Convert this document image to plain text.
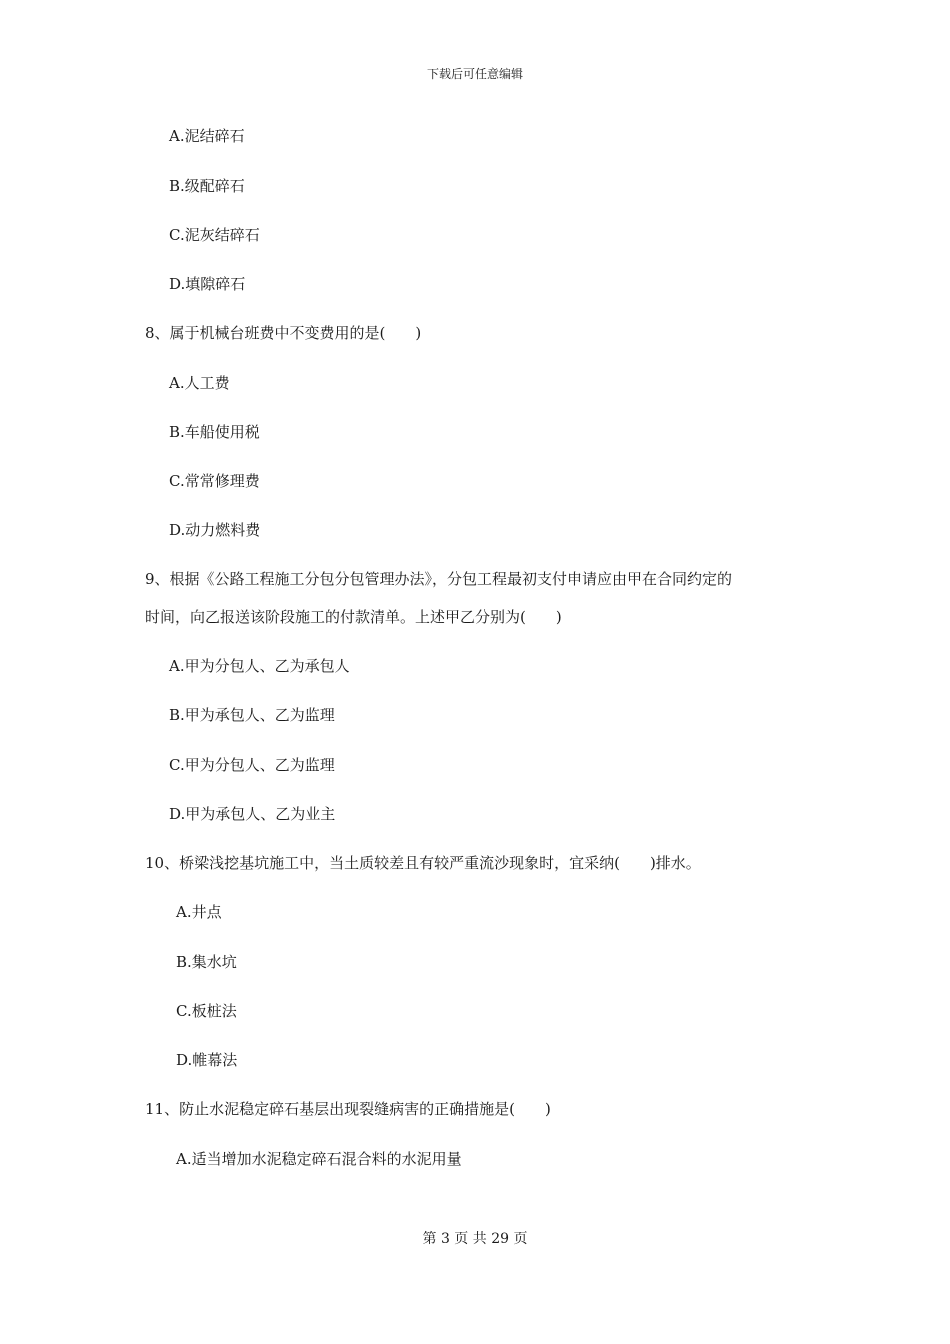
下载后可任意编辑
A.泥结碎石
B.级配碎石
C.泥灰结碎石
D.填隙碎石
8、属于机械台班费中不变费用的是(　　)
A.人工费
B.车船使用税
C.常常修理费
D.动力燃料费
9、根据《公路工程施工分包分包管理办法》，分包工程最初支付申请应由甲在合同约定的
时间，向乙报送该阶段施工的付款清单。上述甲乙分别为(　　)
A.甲为分包人、乙为承包人
B.甲为承包人、乙为监理
C.甲为分包人、乙为监理
D.甲为承包人、乙为业主
10、桥梁浅挖基坑施工中，当土质较差且有较严重流沙现象时，宜采纳(　　)排水。
A.井点
B.集水坑
C.板桩法
D.帷幕法
11、防止水泥稳定碎石基层出现裂缝病害的正确措施是(　　)
A.适当增加水泥稳定碎石混合料的水泥用量
第 3 页 共 29 页
